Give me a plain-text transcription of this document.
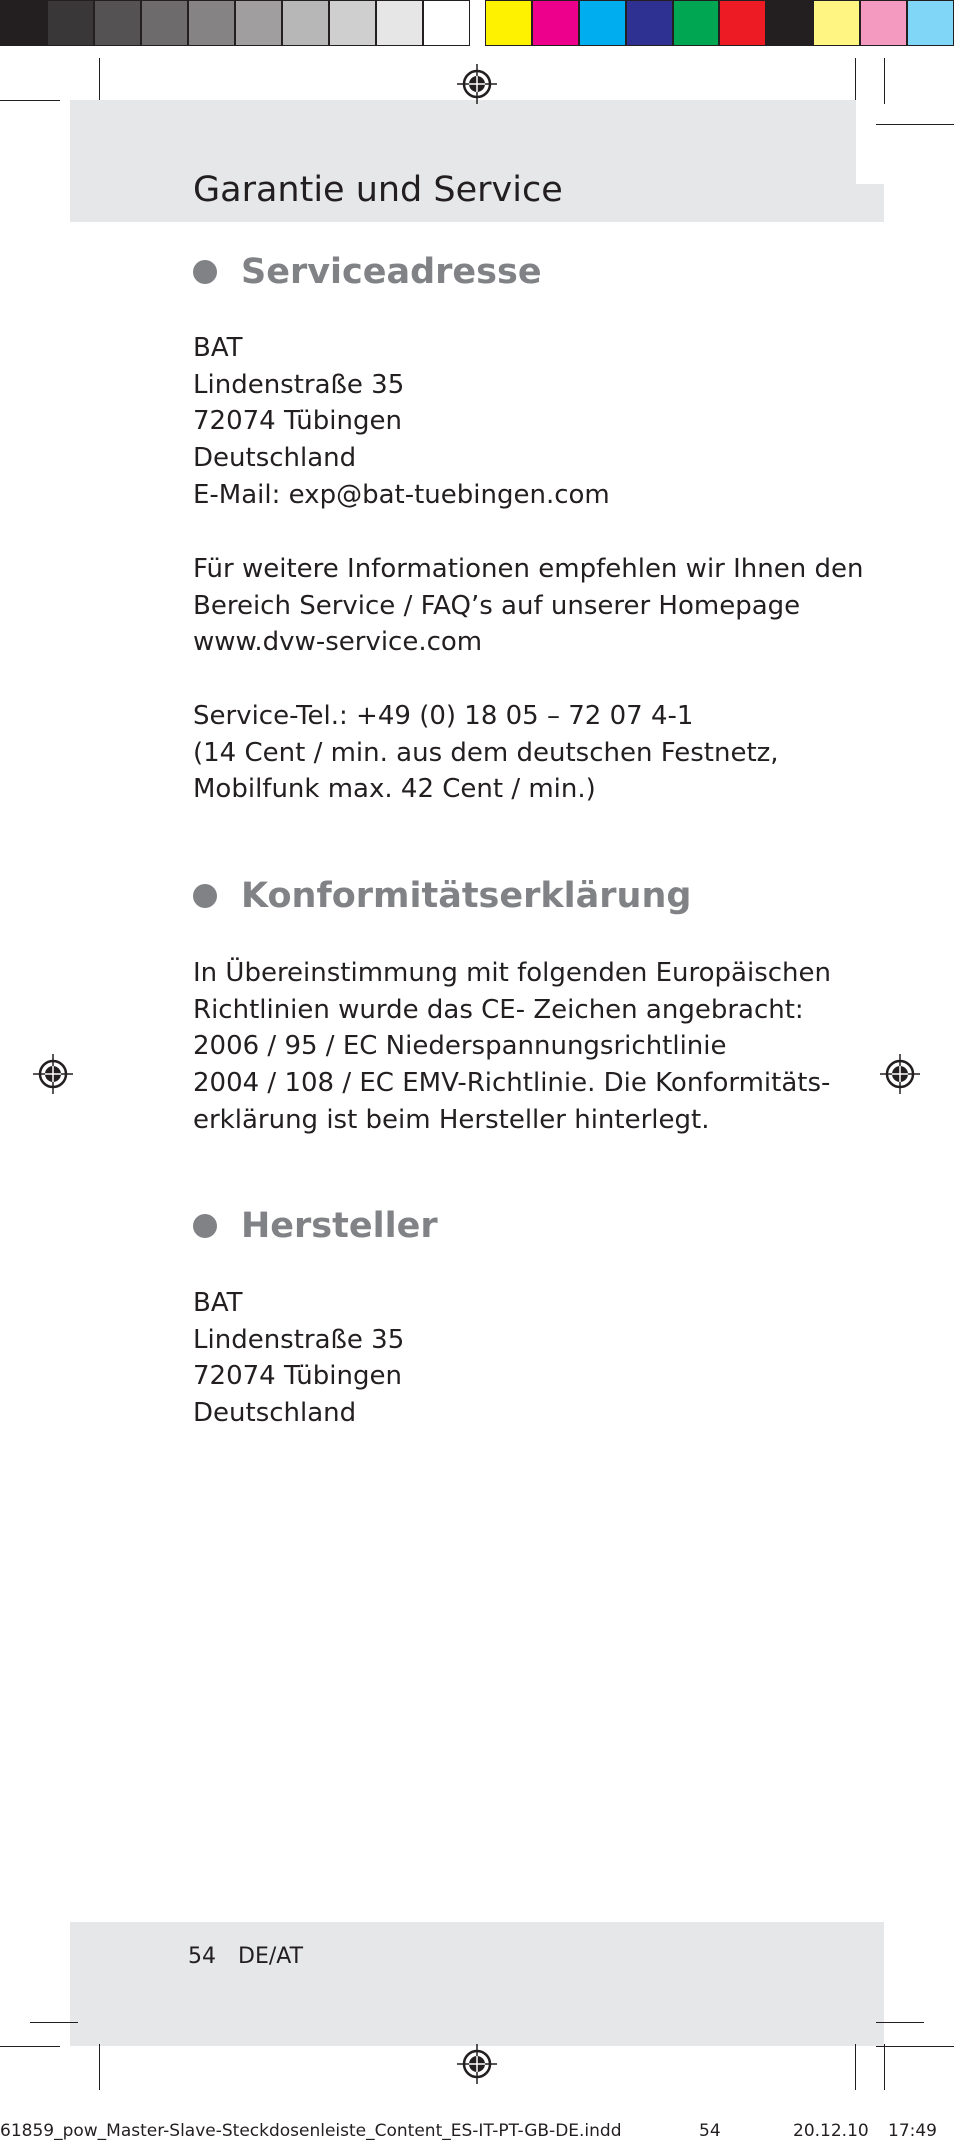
Garantie und Service
Serviceadresse
BAT
Lindenstraße 35
72074 Tübingen
Deutschland
E-Mail: exp@bat-tuebingen.com
Für weitere Informationen empfehlen wir Ihnen den
Bereich Service / FAQ’s auf unserer Homepage
www.dvw-service.com
Service-Tel.: +49 (0) 18 05 – 72 07 4-1
(14 Cent / min. aus dem deutschen Festnetz,
Mobilfunk max. 42 Cent / min.)
Konformitätserklärung
In Übereinstimmung mit folgenden Europäischen
Richtlinien wurde das CE- Zeichen angebracht:
2006 / 95 / EC Niederspannungsrichtlinie
2004 / 108 / EC EMV-Richtlinie. Die Konformitäts-
erklärung ist beim Hersteller hinterlegt.
Hersteller
BAT
Lindenstraße 35
72074 Tübingen
Deutschland
54 DE/AT
61859_pow_Master-Slave-Steckdosenleiste_Content_ES-IT-PT-GB-DE.indd	54	20.12.10 17:49
